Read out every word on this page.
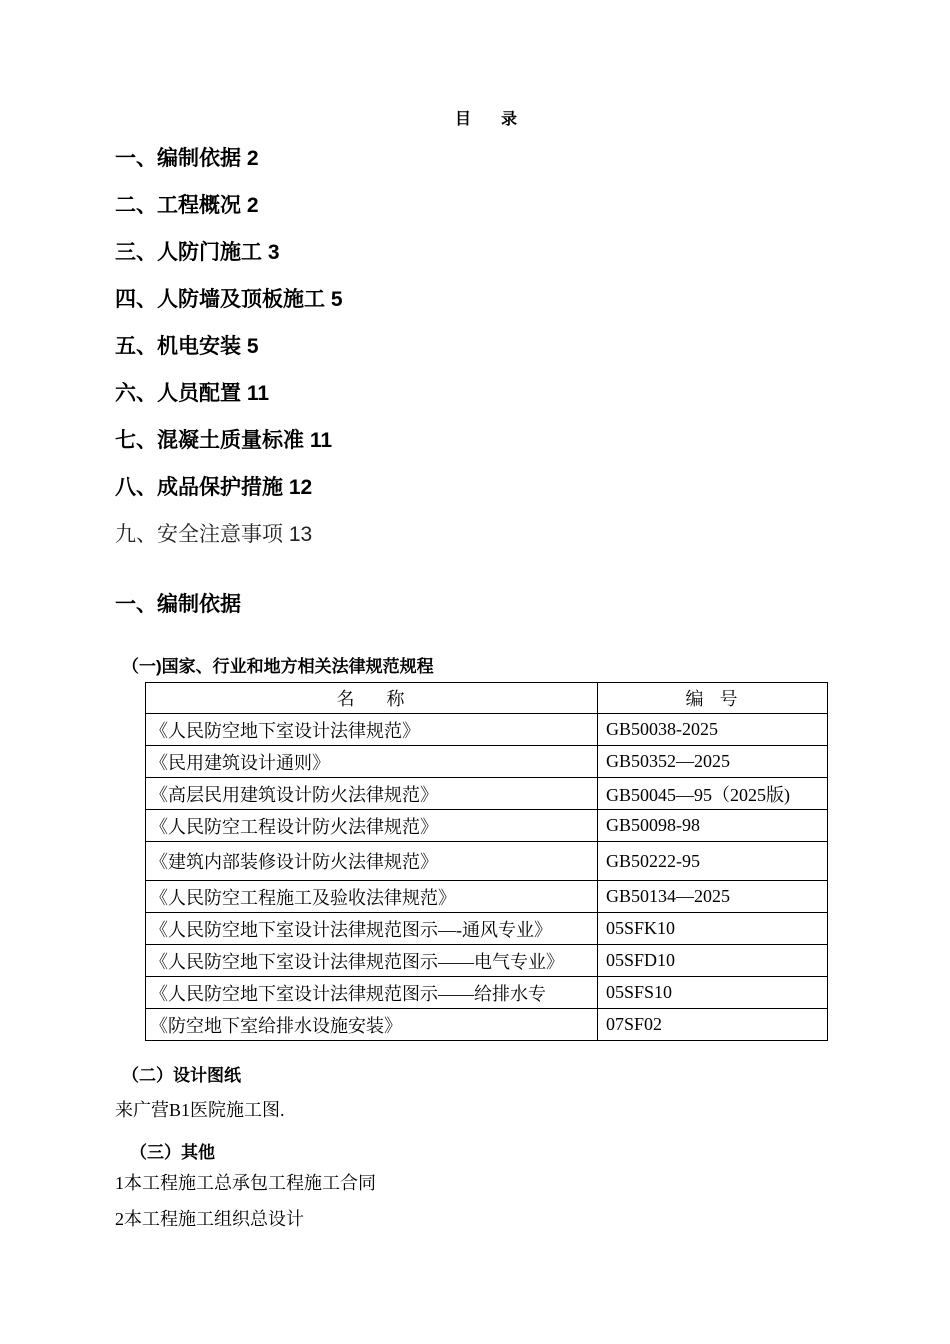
目 录
一、编制依据 2
二、工程概况 2
三、人防门施工 3
四、人防墙及顶板施工 5
五、机电安装 5
六、人员配置 11
七、混凝土质量标准 11
八、成品保护措施 12
九、安全注意事项 13
一、编制依据
（一)国家、行业和地方相关法律规范规程
名 称	编 号
《人民防空地下室设计法律规范》	GB50038-2025
《民用建筑设计通则》	GB50352—2025
《高层民用建筑设计防火法律规范》	GB50045—95（2025版)
《人民防空工程设计防火法律规范》	GB50098-98
《建筑内部装修设计防火法律规范》	GB50222-95
《人民防空工程施工及验收法律规范》	GB50134—2025
《人民防空地下室设计法律规范图示—-通风专业》	05SFK10
《人民防空地下室设计法律规范图示——电气专业》	05SFD10
《人民防空地下室设计法律规范图示——给排水专	05SFS10
《防空地下室给排水设施安装》	07SF02
（二）设计图纸
来广营B1医院施工图.
（三）其他
1本工程施工总承包工程施工合同
2本工程施工组织总设计
